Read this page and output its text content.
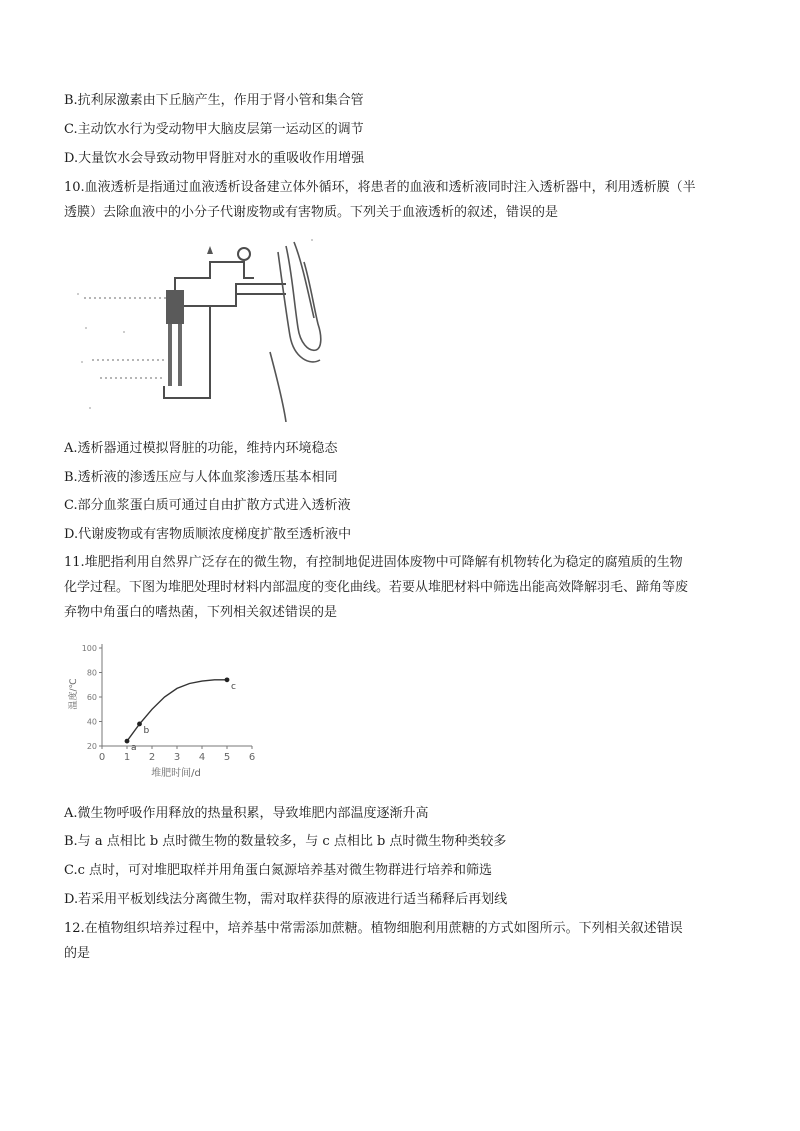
B.抗利尿激素由下丘脑产生，作用于肾小管和集合管
C.主动饮水行为受动物甲大脑皮层第一运动区的调节
D.大量饮水会导致动物甲肾脏对水的重吸收作用增强
10.血液透析是指通过血液透析设备建立体外循环，将患者的血液和透析液同时注入透析器中，利用透析膜（半
透膜）去除血液中的小分子代谢废物或有害物质。下列关于血液透析的叙述，错误的是
A.透析器通过模拟肾脏的功能，维持内环境稳态
B.透析液的渗透压应与人体血浆渗透压基本相同
C.部分血浆蛋白质可通过自由扩散方式进入透析液
D.代谢废物或有害物质顺浓度梯度扩散至透析液中
11.堆肥指利用自然界广泛存在的微生物，有控制地促进固体废物中可降解有机物转化为稳定的腐殖质的生物
化学过程。下图为堆肥处理时材料内部温度的变化曲线。若要从堆肥材料中筛选出能高效降解羽毛、蹄角等废
弃物中角蛋白的嗜热菌，下列相关叙述错误的是
20
40
60
80
100
0 1 2 3 4 5 6
a
b
c
温度/℃
堆肥时间/d
A.微生物呼吸作用释放的热量积累，导致堆肥内部温度逐渐升高
B.与 a 点相比 b 点时微生物的数量较多，与 c 点相比 b 点时微生物种类较多
C.c 点时，可对堆肥取样并用角蛋白氮源培养基对微生物群进行培养和筛选
D.若采用平板划线法分离微生物，需对取样获得的原液进行适当稀释后再划线
12.在植物组织培养过程中，培养基中常需添加蔗糖。植物细胞利用蔗糖的方式如图所示。下列相关叙述错误
的是
